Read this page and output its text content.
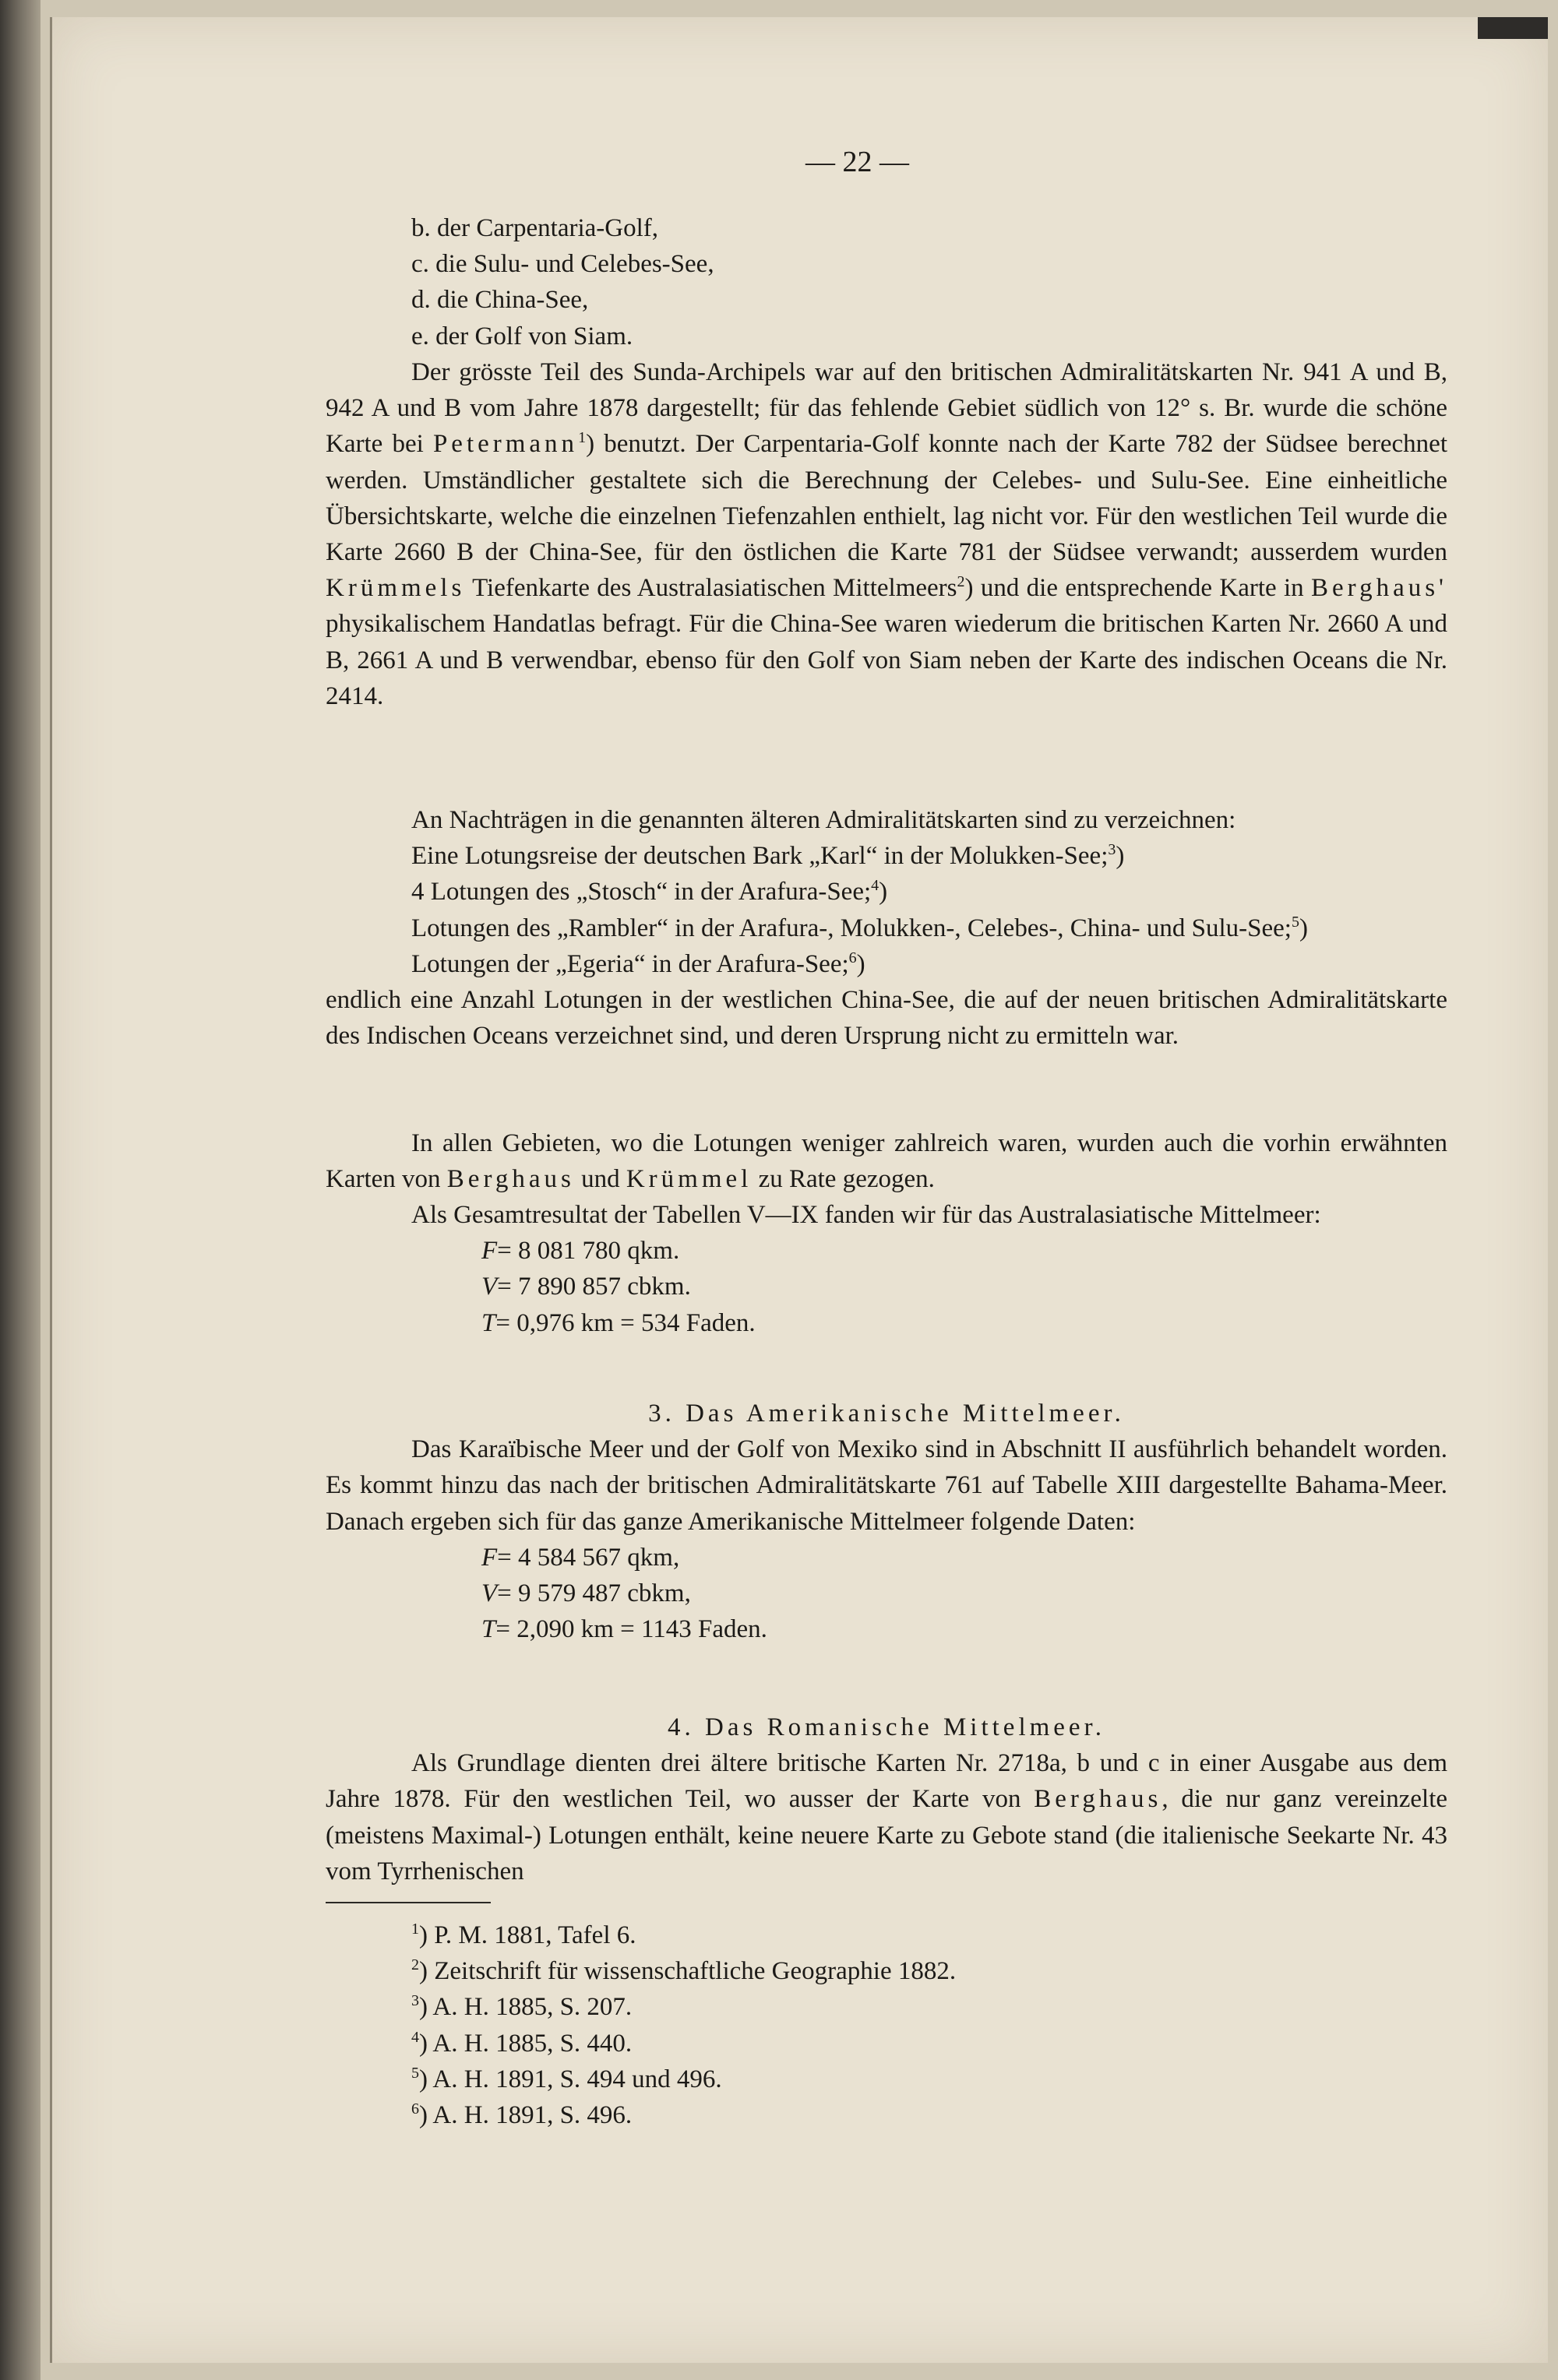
— 22 —

b. der Carpentaria-Golf,

c. die Sulu- und Celebes-See,

d. die China-See,

e. der Golf von Siam.

Der grösste Teil des Sunda-Archipels war auf den britischen Admiralitätskarten Nr. 941 A und B, 942 A und B vom Jahre 1878 dargestellt; für das fehlende Gebiet südlich von 12° s. Br. wurde die schöne Karte bei Petermann$^1$) benutzt. Der Carpentaria-Golf konnte nach der Karte 782 der Südsee berechnet werden. Umständlicher gestaltete sich die Berechnung der Celebes- und Sulu-See. Eine einheitliche Übersichtskarte, welche die einzelnen Tiefenzahlen enthielt, lag nicht vor. Für den westlichen Teil wurde die Karte 2660 B der China-See, für den östlichen die Karte 781 der Südsee verwandt; ausserdem wurden Krümmels Tiefenkarte des Australasiatischen Mittelmeers$^2$) und die entsprechende Karte in Berghaus' physikalischem Handatlas befragt. Für die China-See waren wiederum die britischen Karten Nr. 2660 A und B, 2661 A und B verwendbar, ebenso für den Golf von Siam neben der Karte des indischen Oceans die Nr. 2414.

An Nachträgen in die genannten älteren Admiralitätskarten sind zu verzeichnen:

Eine Lotungsreise der deutschen Bark „Karl“ in der Molukken-See;$^3$)

4 Lotungen des „Stosch“ in der Arafura-See;$^4$)

Lotungen des „Rambler“ in der Arafura-, Molukken-, Celebes-, China- und Sulu-See;$^5$)

Lotungen der „Egeria“ in der Arafura-See;$^6$)

endlich eine Anzahl Lotungen in der westlichen China-See, die auf der neuen britischen Admiralitätskarte des Indischen Oceans verzeichnet sind, und deren Ursprung nicht zu ermitteln war.

In allen Gebieten, wo die Lotungen weniger zahlreich waren, wurden auch die vorhin erwähnten Karten von Berghaus und Krümmel zu Rate gezogen.

Als Gesamtresultat der Tabellen V—IX fanden wir für das Australasiatische Mittelmeer:

F= 8 081 780 qkm.

V= 7 890 857 cbkm.

T= 0,976 km = 534 Faden.

3. Das Amerikanische Mittelmeer.

Das Karaïbische Meer und der Golf von Mexiko sind in Abschnitt II ausführlich behandelt worden. Es kommt hinzu das nach der britischen Admiralitätskarte 761 auf Tabelle XIII dargestellte Bahama-Meer. Danach ergeben sich für das ganze Amerikanische Mittelmeer folgende Daten:

F= 4 584 567 qkm,

V= 9 579 487 cbkm,

T= 2,090 km = 1143 Faden.

4. Das Romanische Mittelmeer.

Als Grundlage dienten drei ältere britische Karten Nr. 2718a, b und c in einer Ausgabe aus dem Jahre 1878. Für den westlichen Teil, wo ausser der Karte von Berghaus, die nur ganz vereinzelte (meistens Maximal-) Lotungen enthält, keine neuere Karte zu Gebote stand (die italienische Seekarte Nr. 43 vom Tyrrhenischen

$^1$) P. M. 1881, Tafel 6.

$^2$) Zeitschrift für wissenschaftliche Geographie 1882.

$^3$) A. H. 1885, S. 207.

$^4$) A. H. 1885, S. 440.

$^5$) A. H. 1891, S. 494 und 496.

$^6$) A. H. 1891, S. 496.
